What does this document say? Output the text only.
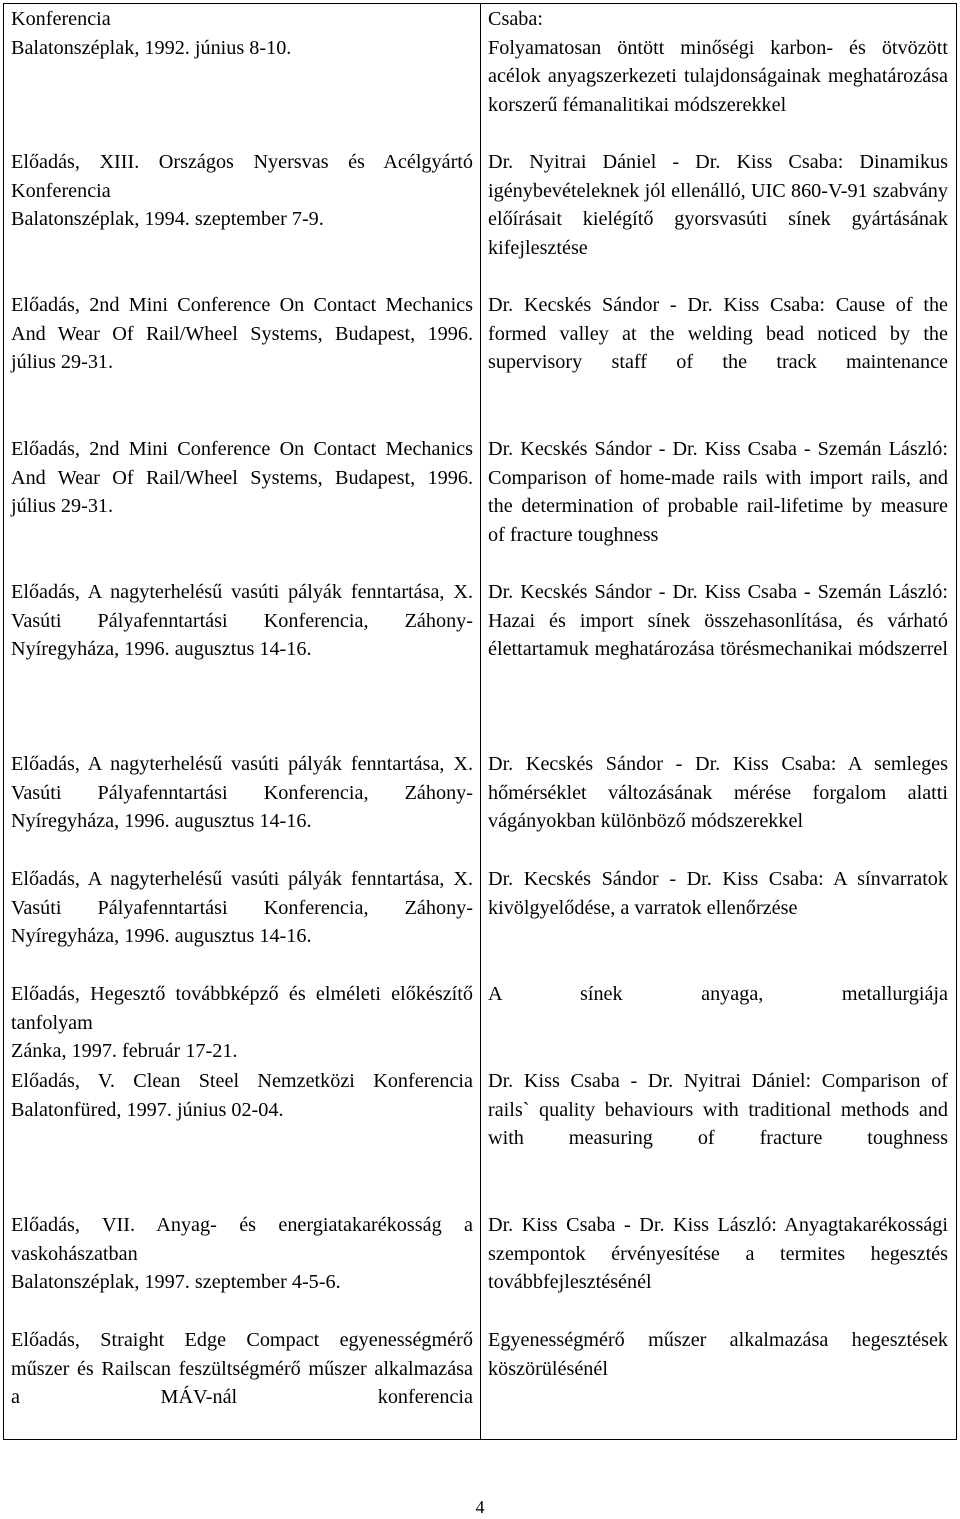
Konferencia
Balatonszéplak, 1992. június 8-10.
Csaba:
Folyamatosan öntött minőségi karbon- és ötvözött acélok anyagszerkezeti tulajdonságainak meghatározása korszerű fémanalitikai módszerekkel
Előadás, XIII. Országos Nyersvas és Acélgyártó Konferencia
Balatonszéplak, 1994. szeptember 7-9.
Dr. Nyitrai Dániel - Dr. Kiss Csaba: Dinamikus igénybevételeknek jól ellenálló, UIC 860-V-91 szabvány előírásait kielégítő gyorsvasúti sínek gyártásának kifejlesztése
Előadás, 2nd Mini Conference On Contact Mechanics And Wear Of Rail/Wheel Systems, Budapest, 1996. július 29-31.
Dr. Kecskés Sándor - Dr. Kiss Csaba: Cause of the formed valley at the welding bead noticed by the supervisory staff of the track maintenance
Előadás, 2nd Mini Conference On Contact Mechanics And Wear Of Rail/Wheel Systems, Budapest, 1996. július 29-31.
Dr. Kecskés Sándor - Dr. Kiss Csaba - Szemán László: Comparison of home-made rails with import rails, and the determination of probable rail-lifetime by measure of fracture toughness
Előadás, A nagyterhelésű vasúti pályák fenntartása, X. Vasúti Pályafenntartási Konferencia, Záhony-Nyíregyháza, 1996. augusztus 14-16.
Dr. Kecskés Sándor - Dr. Kiss Csaba - Szemán László: Hazai és import sínek összehasonlítása, és várható élettartamuk meghatározása törésmechanikai módszerrel
Előadás, A nagyterhelésű vasúti pályák fenntartása, X. Vasúti Pályafenntartási Konferencia, Záhony-Nyíregyháza, 1996. augusztus 14-16.
Dr. Kecskés Sándor - Dr. Kiss Csaba: A semleges hőmérséklet változásának mérése forgalom alatti vágányokban különböző módszerekkel
Előadás, A nagyterhelésű vasúti pályák fenntartása, X. Vasúti Pályafenntartási Konferencia, Záhony-Nyíregyháza, 1996. augusztus 14-16.
Dr. Kecskés Sándor - Dr. Kiss Csaba: A sínvarratok kivölgyelődése, a varratok ellenőrzése
Előadás, Hegesztő továbbképző és elméleti előkészítő tanfolyam
Zánka, 1997. február 17-21.
A sínek anyaga, metallurgiája
Előadás, V. Clean Steel Nemzetközi Konferencia
Balatonfüred, 1997. június 02-04.
Dr. Kiss Csaba - Dr. Nyitrai Dániel: Comparison of rails` quality behaviours with traditional methods and with measuring of fracture toughness
Előadás, VII. Anyag- és energiatakarékosság a vaskohászatban
Balatonszéplak, 1997. szeptember 4-5-6.
Dr. Kiss Csaba - Dr. Kiss László: Anyagtakarékossági szempontok érvényesítése a termites hegesztés továbbfejlesztésénél
Előadás, Straight Edge Compact egyenességmérő műszer és Railscan feszültségmérő műszer alkalmazása a MÁV-nál konferencia
Egyenességmérő műszer alkalmazása hegesztések köszörülésénél
4
